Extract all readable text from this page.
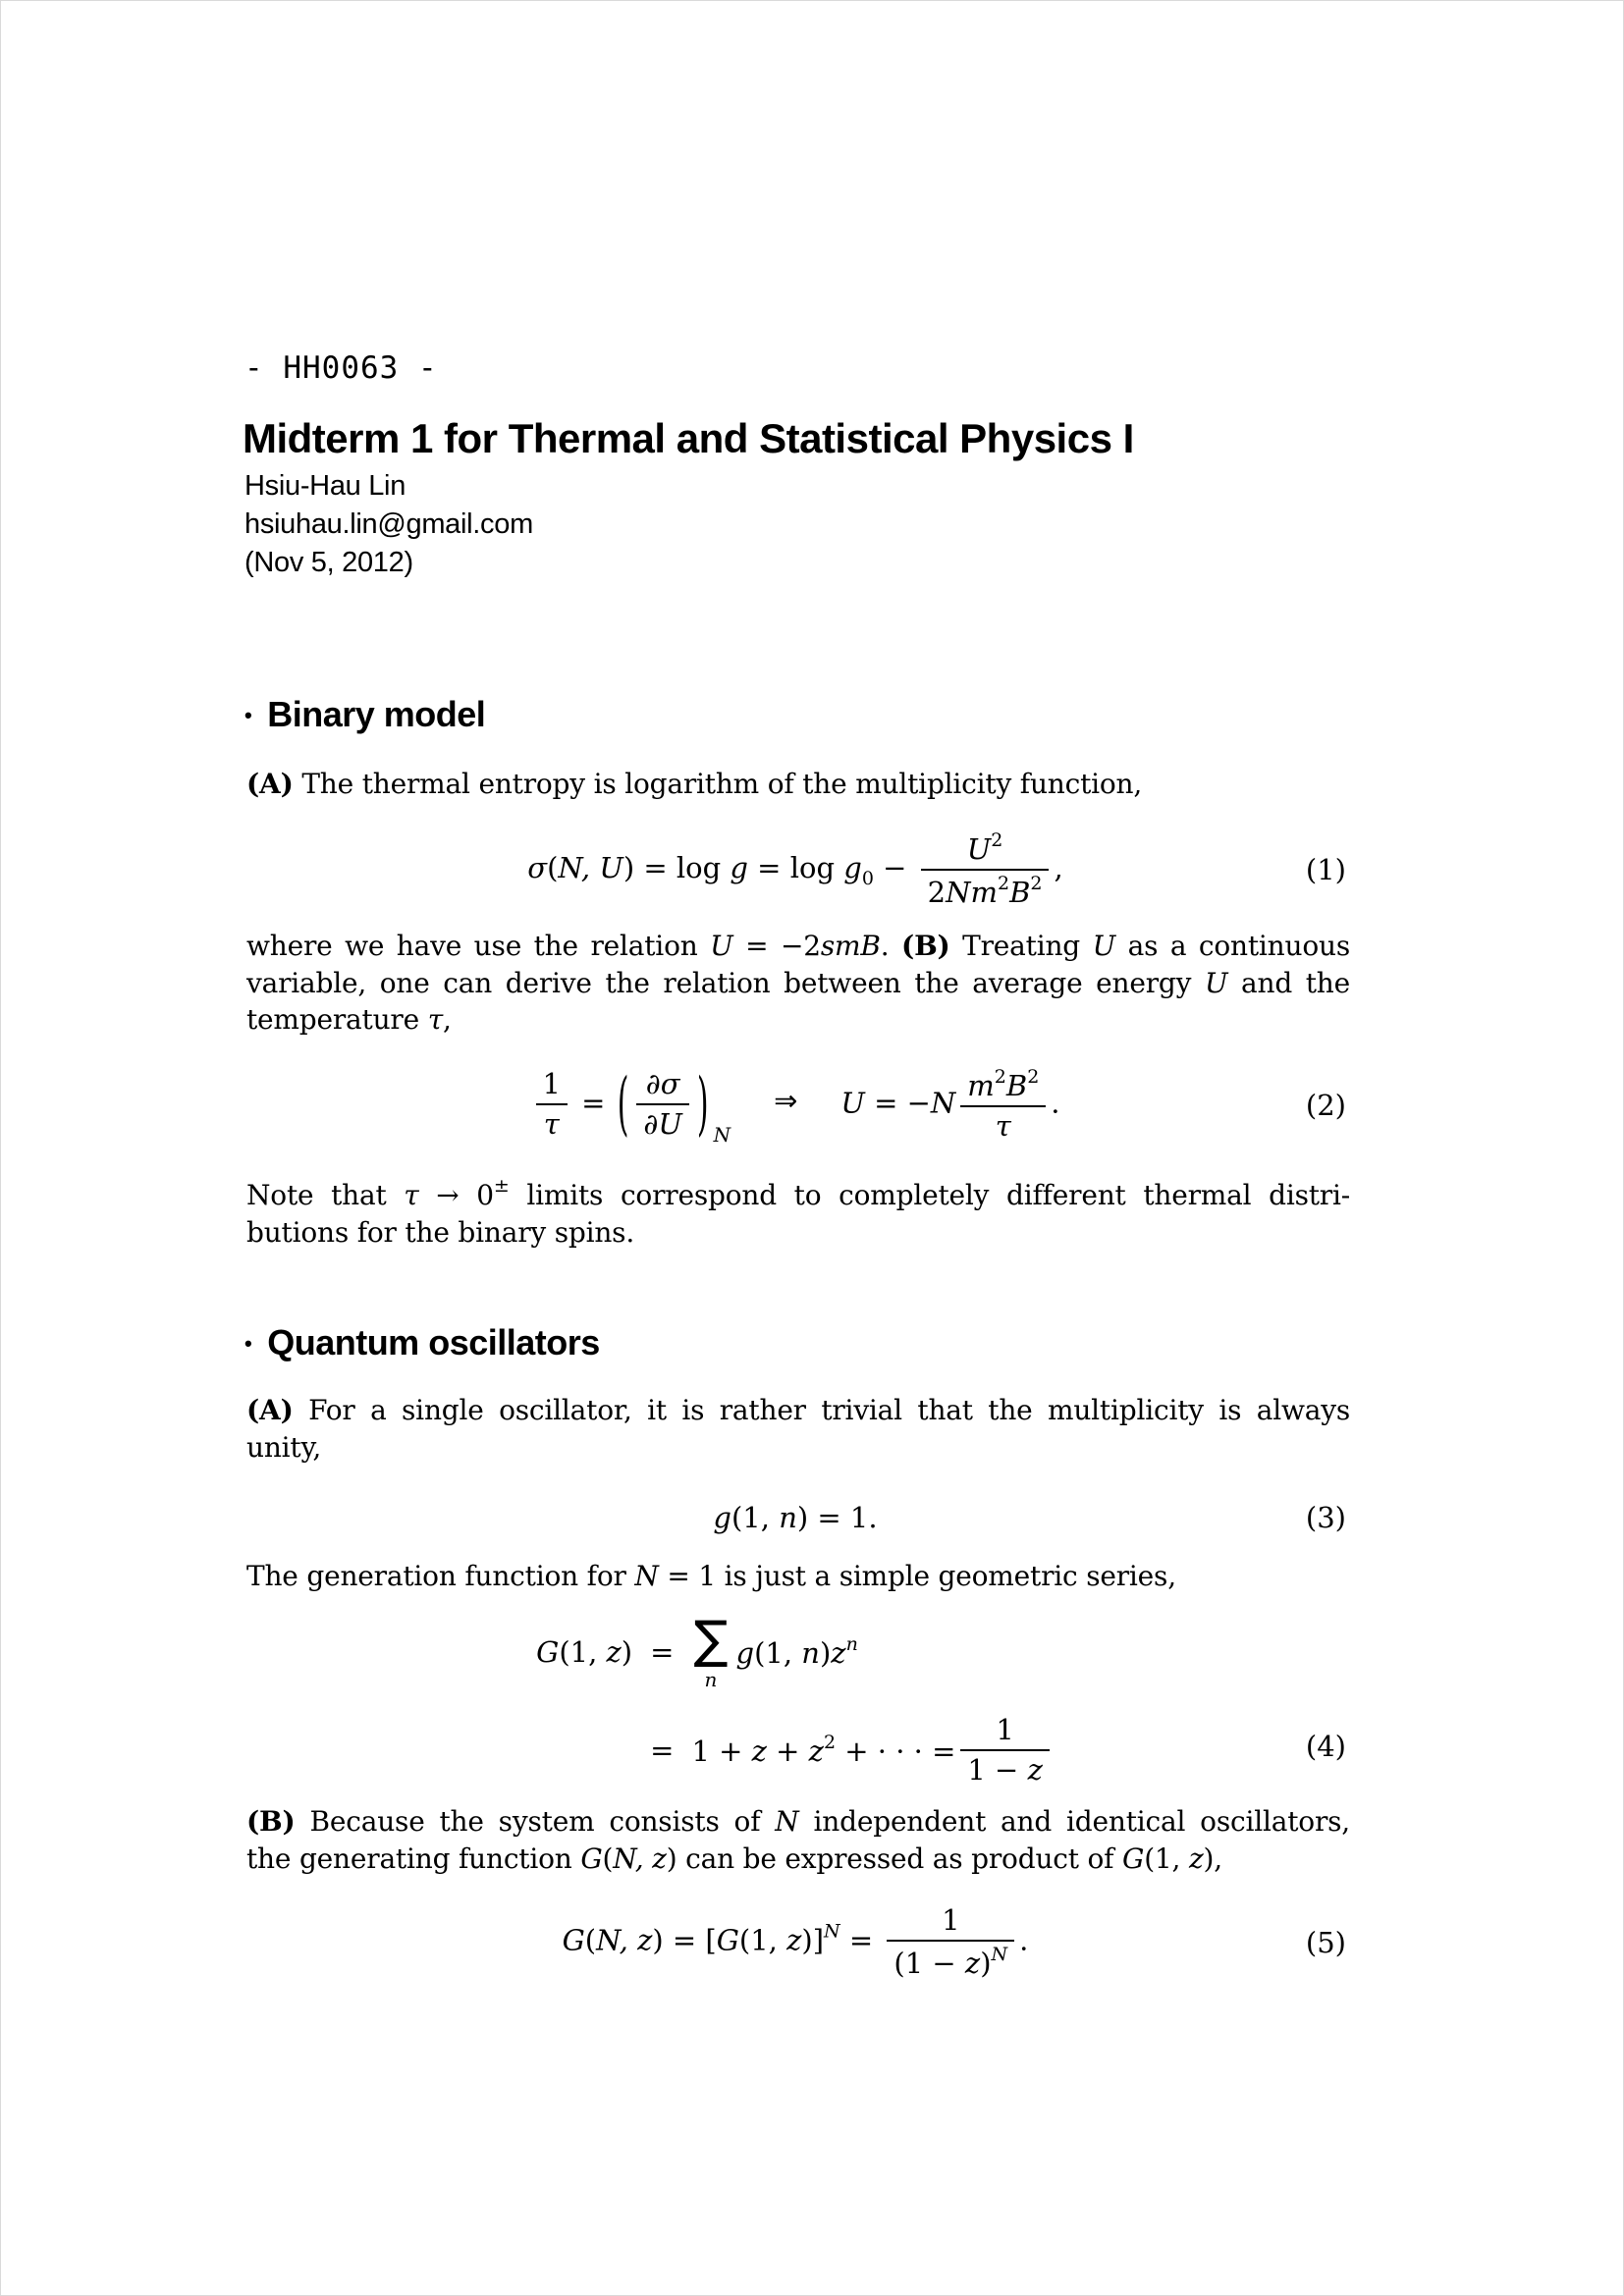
- HH0063 -
Midterm 1 for Thermal and Statistical Physics I
Hsiu-Hau Lin
hsiuhau.lin@gmail.com
(Nov 5, 2012)
• Binary model
(A) The thermal entropy is logarithm of the multiplicity function,
σ(N, $U) = \log g = \log g_0 - \frac{U^2}{2Nm^2B^2}$ ,	(1)
where we have use the relation U = −2smB. (B) Treating U as a continuous
variable, one can derive the relation between the average energy U and the
temperature τ,
$\frac{1}{\tau}$ = ( $\frac{\partial\sigma}{\partial U}$ ) $_N$⇒ $U = -N \frac{m^2B^2}{\tau}$ .	(2)
Note that τ → 0± limits correspond to completely different thermal distri-
butions for the binary spins.
• Quantum oscillators
(A) For a single oscillator, it is rather trivial that the multiplicity is always
unity,
g(1, n) = 1.	(3)
The generation function for N = 1 is just a simple geometric series,
G(1, z) = ∑
n
g(1, $n)z^n$
= $1 + z + z^2$ + · · · = $\frac{1}{1 - z}$	(4)
(B) Because the system consists of N independent and identical oscillators,
the generating function G(N, z) can be expressed as product of G(1, z),
G(N, z) = [G(1, $z)]^N = \frac{1}{(1 - z)^N}$ .	(5)
